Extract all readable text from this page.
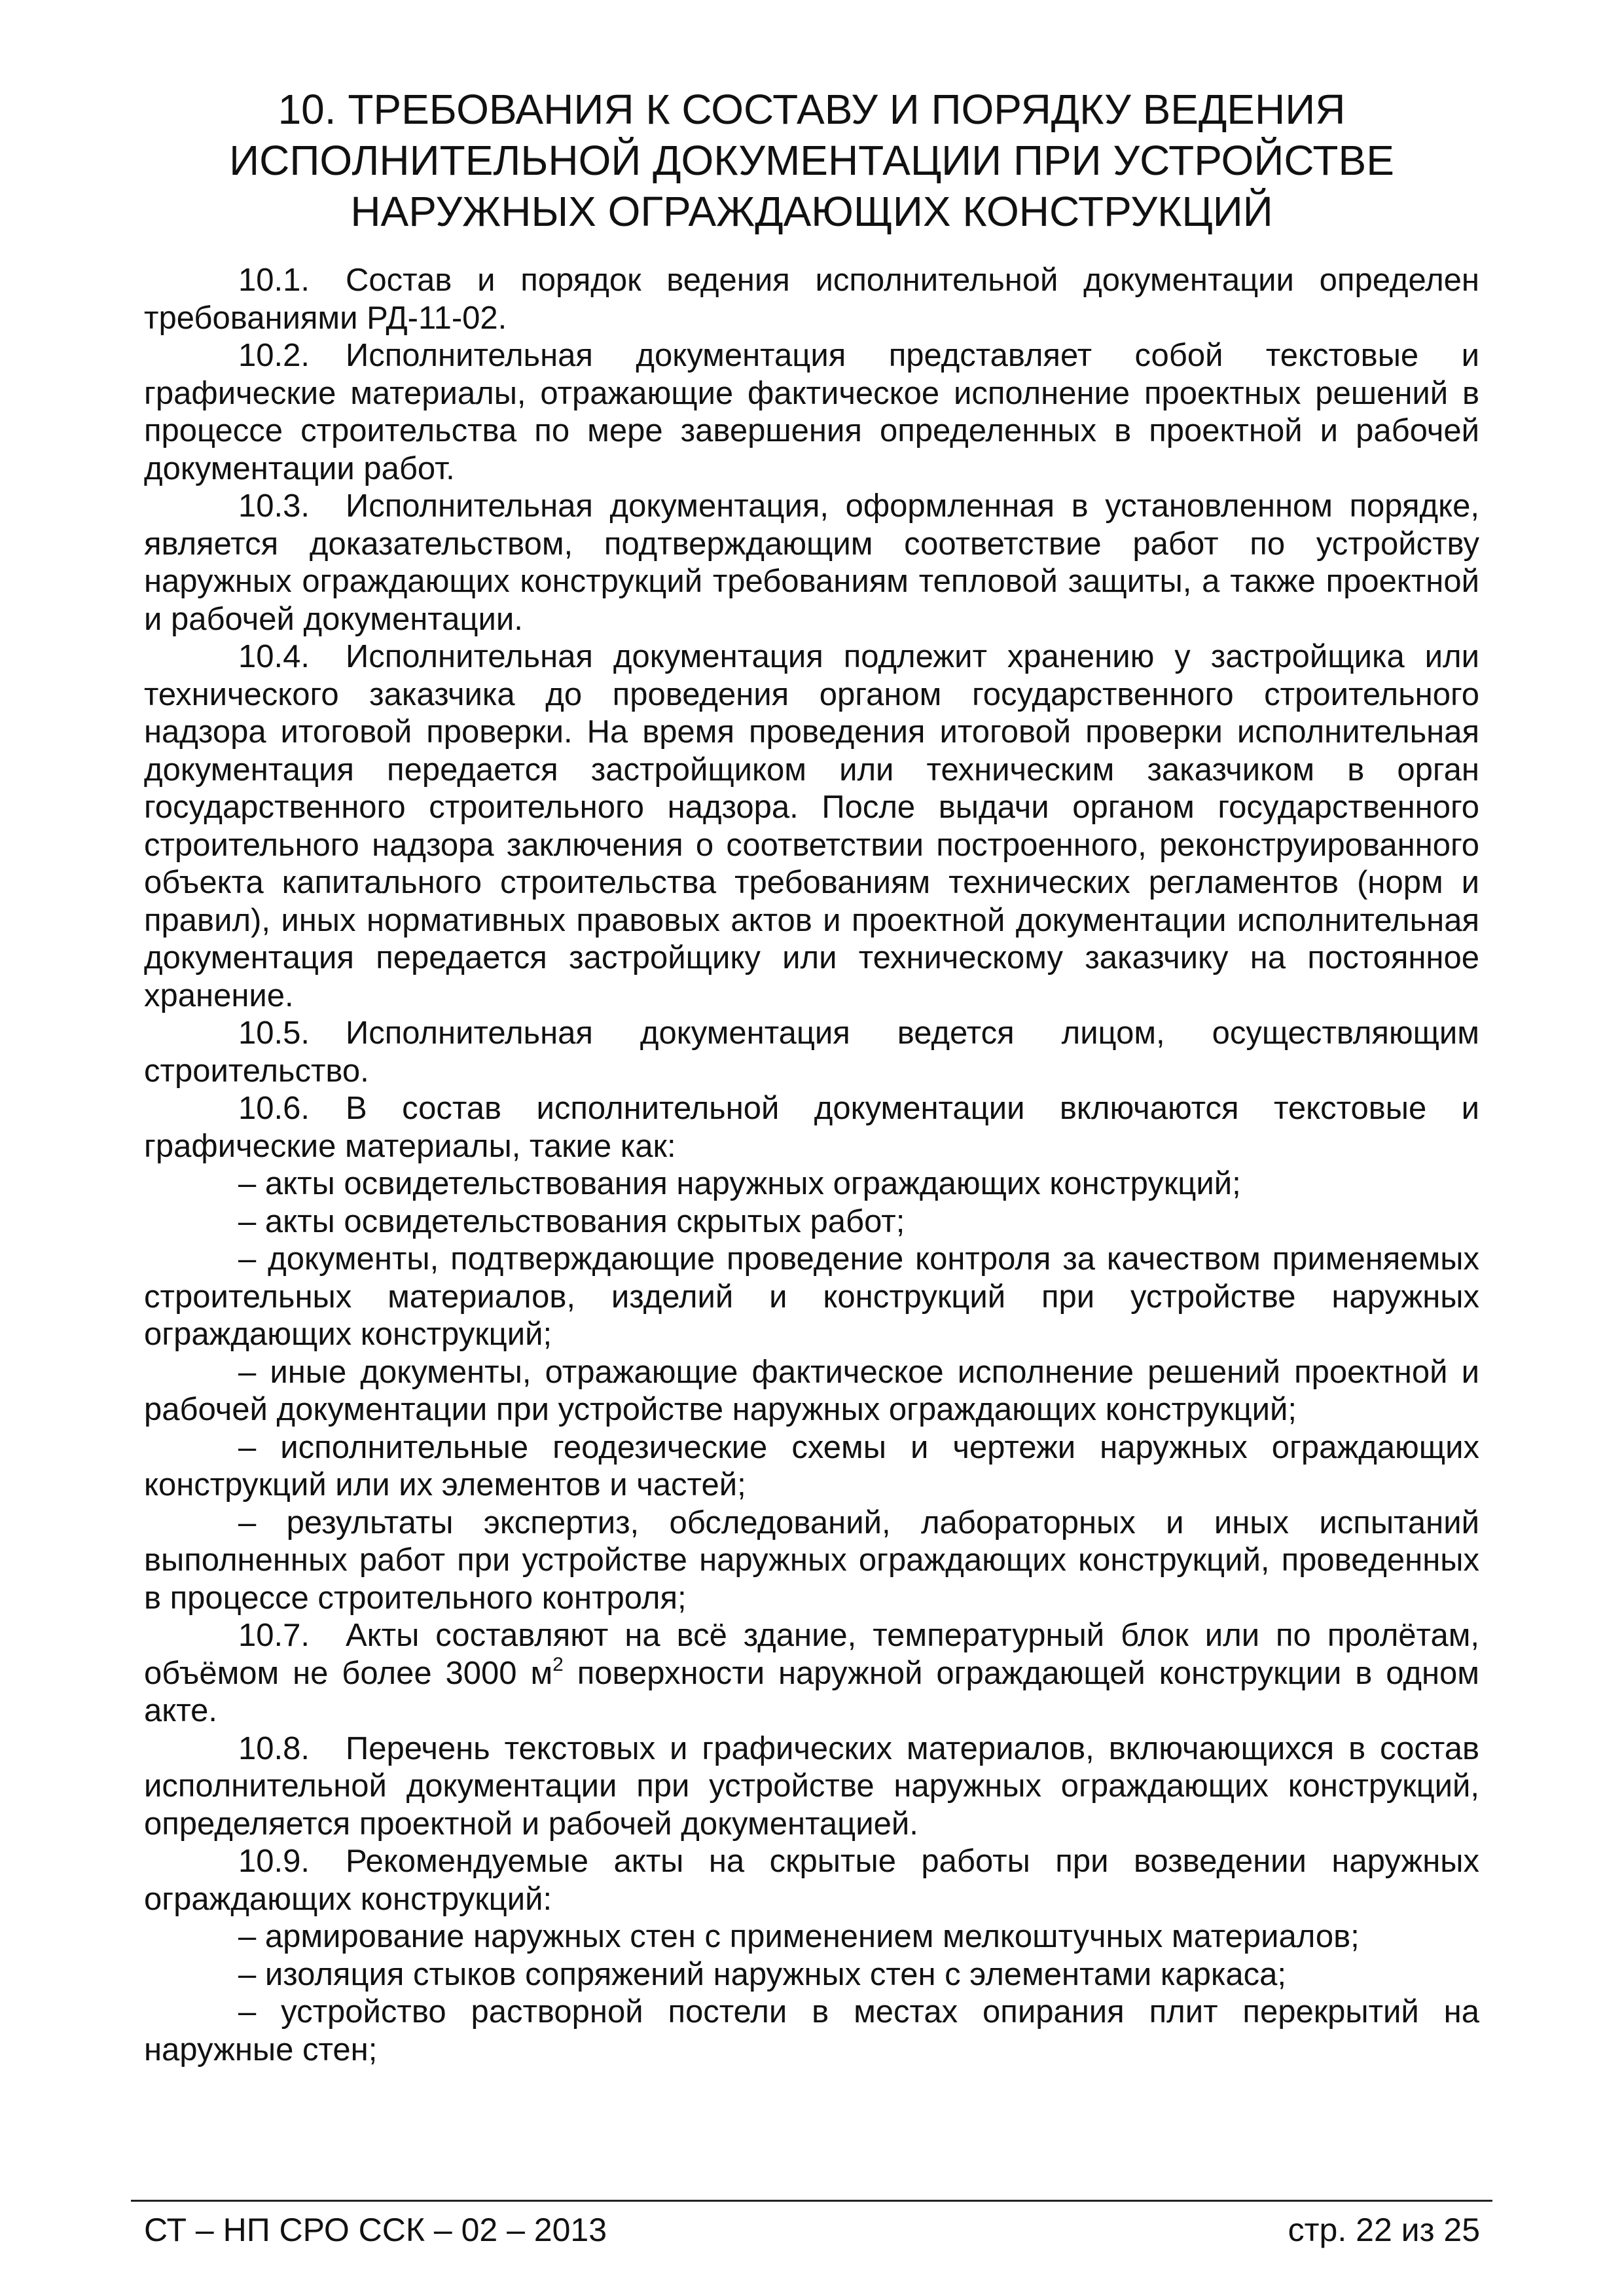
10. ТРЕБОВАНИЯ К СОСТАВУ И ПОРЯДКУ ВЕДЕНИЯ
ИСПОЛНИТЕЛЬНОЙ ДОКУМЕНТАЦИИ ПРИ УСТРОЙСТВЕ
НАРУЖНЫХ ОГРАЖДАЮЩИХ КОНСТРУКЦИЙ

10.1. Состав и порядок ведения исполнительной документации определен требованиями РД-11-02.

10.2. Исполнительная документация представляет собой текстовые и графические материалы, отражающие фактическое исполнение проектных решений в процессе строительства по мере завершения определенных в проектной и рабочей документации работ.

10.3. Исполнительная документация, оформленная в установленном порядке, является доказательством, подтверждающим соответствие работ по устройству наружных ограждающих конструкций требованиям тепловой защиты, а также проектной и рабочей документации.

10.4. Исполнительная документация подлежит хранению у застройщика или технического заказчика до проведения органом государственного строительного надзора итоговой проверки. На время проведения итоговой проверки исполнительная документация передается застройщиком или техническим заказчиком в орган государственного строительного надзора. После выдачи органом государственного строительного надзора заключения о соответствии построенного, реконструированного объекта капитального строительства требованиям технических регламентов (норм и правил), иных нормативных правовых актов и проектной документации исполнительная документация передается застройщику или техническому заказчику на постоянное хранение.

10.5. Исполнительная документация ведется лицом, осуществляющим строительство.

10.6. В состав исполнительной документации включаются текстовые и графические материалы, такие как:

– акты освидетельствования наружных ограждающих конструкций;

– акты освидетельствования скрытых работ;

– документы, подтверждающие проведение контроля за качеством применяемых строительных материалов, изделий и конструкций при устройстве наружных ограждающих конструкций;

– иные документы, отражающие фактическое исполнение решений проектной и рабочей документации при устройстве наружных ограждающих конструкций;

– исполнительные геодезические схемы и чертежи наружных ограждающих конструкций или их элементов и частей;

– результаты экспертиз, обследований, лабораторных и иных испытаний выполненных работ при устройстве наружных ограждающих конструкций, проведенных в процессе строительного контроля;

10.7. Акты составляют на всё здание, температурный блок или по пролётам, объёмом не более 3000 $м^2$ поверхности наружной ограждающей конструкции в одном акте.

10.8. Перечень текстовых и графических материалов, включающихся в состав исполнительной документации при устройстве наружных ограждающих конструкций, определяется проектной и рабочей документацией.

10.9. Рекомендуемые акты на скрытые работы при возведении наружных ограждающих конструкций:

– армирование наружных стен с применением мелкоштучных материалов;

– изоляция стыков сопряжений наружных стен с элементами каркаса;

– устройство растворной постели в местах опирания плит перекрытий на наружные стен;

СТ – НП СРО ССК – 02 – 2013	стр. 22 из 25
